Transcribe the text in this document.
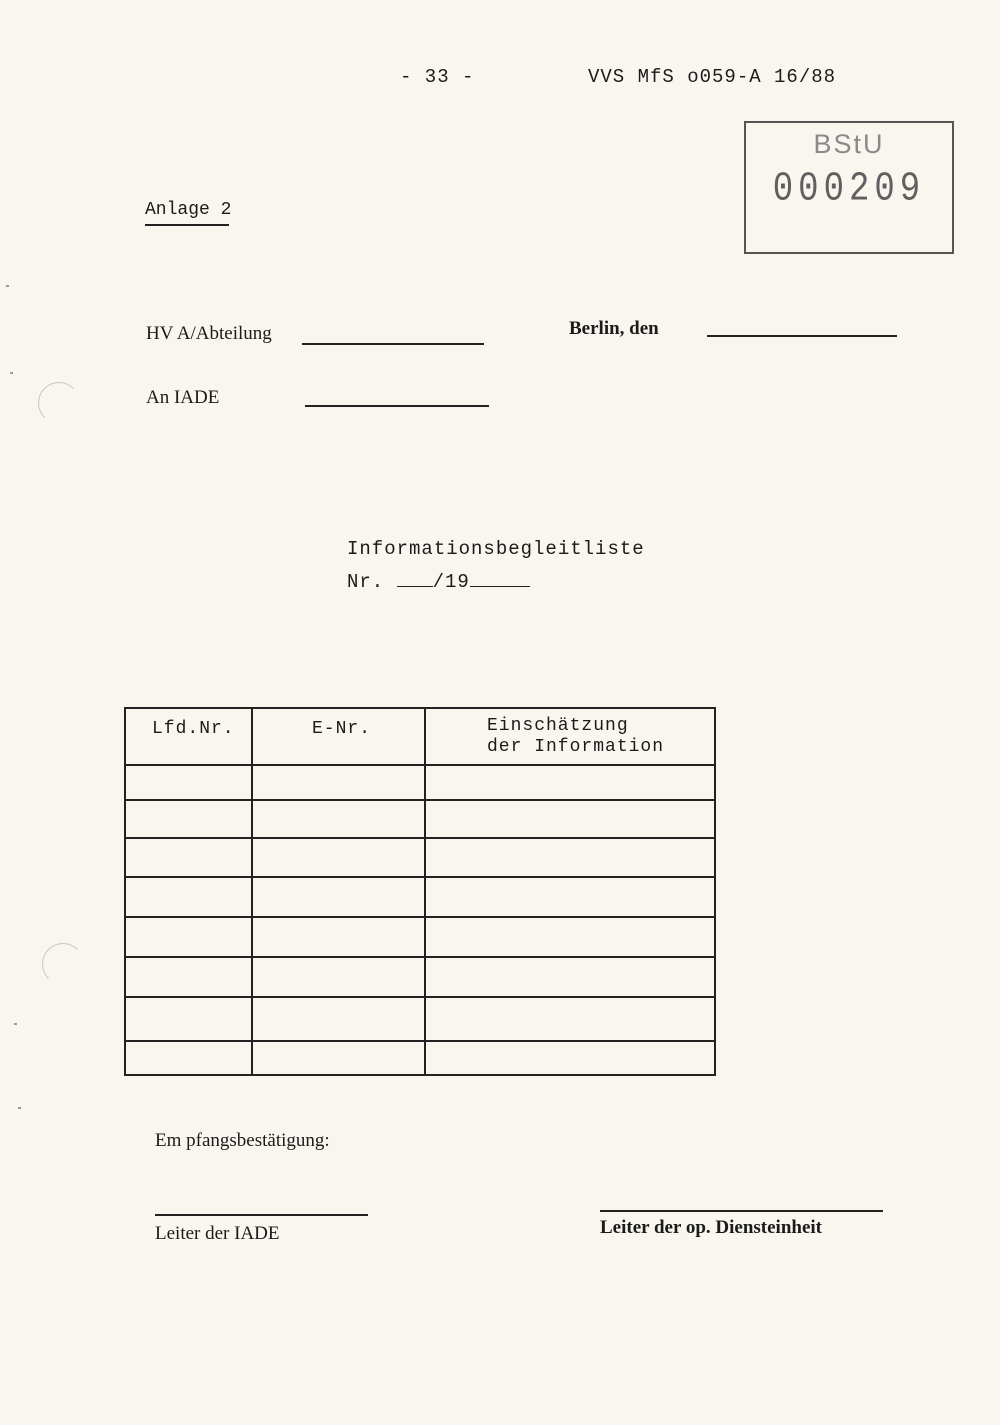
- 33 -	VVS MfS o059-A 16/88
BStU
000209
Anlage 2
HV A/Abteilung	Berlin, den
An IADE
Informationsbegleitliste
Nr.	/19
Lfd.Nr.	E-Nr.	Einschätzung
der Information
Em pfangsbestätigung:
Leiter der IADE	Leiter der op. Diensteinheit
